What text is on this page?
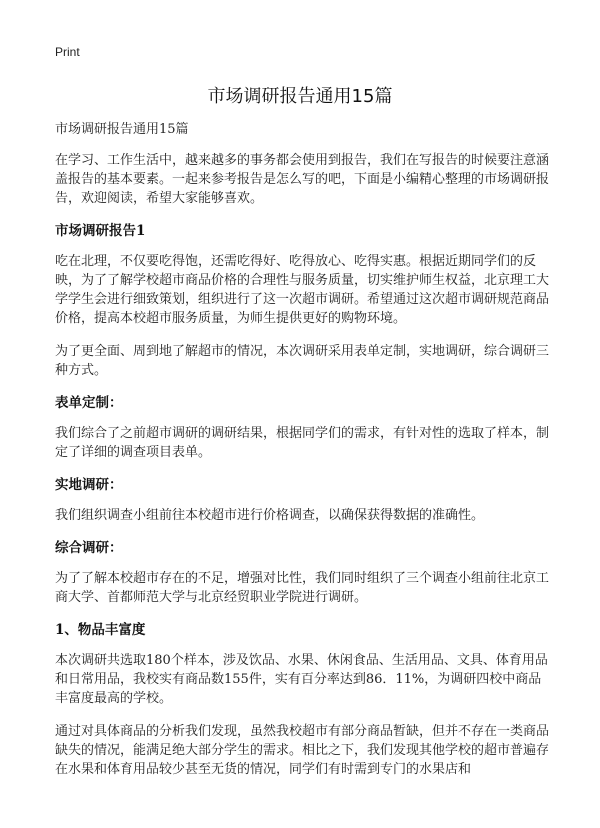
Print
市场调研报告通用15篇

市场调研报告通用15篇

在学习、工作生活中，越来越多的事务都会使用到报告，我们在写报告的时候要注意涵盖报告的基本要素。一起来参考报告是怎么写的吧，下面是小编精心整理的市场调研报告，欢迎阅读，希望大家能够喜欢。

市场调研报告1

吃在北理，不仅要吃得饱，还需吃得好、吃得放心、吃得实惠。根据近期同学们的反映，为了了解学校超市商品价格的合理性与服务质量，切实维护师生权益，北京理工大学学生会进行细致策划，组织进行了这一次超市调研。希望通过这次超市调研规范商品价格，提高本校超市服务质量，为师生提供更好的购物环境。

为了更全面、周到地了解超市的情况，本次调研采用表单定制，实地调研，综合调研三种方式。

表单定制：

我们综合了之前超市调研的调研结果，根据同学们的需求，有针对性的选取了样本，制定了详细的调查项目表单。

实地调研：

我们组织调查小组前往本校超市进行价格调查，以确保获得数据的准确性。

综合调研：

为了了解本校超市存在的不足，增强对比性，我们同时组织了三个调查小组前往北京工商大学、首都师范大学与北京经贸职业学院进行调研。

1、物品丰富度

本次调研共选取180个样本，涉及饮品、水果、休闲食品、生活用品、文具、体育用品和日常用品，我校实有商品数155件，实有百分率达到86．11%，为调研四校中商品丰富度最高的学校。

通过对具体商品的分析我们发现，虽然我校超市有部分商品暂缺，但并不存在一类商品缺失的情况，能满足绝大部分学生的需求。相比之下，我们发现其他学校的超市普遍存在水果和体育用品较少甚至无货的情况，同学们有时需到专门的水果店和
